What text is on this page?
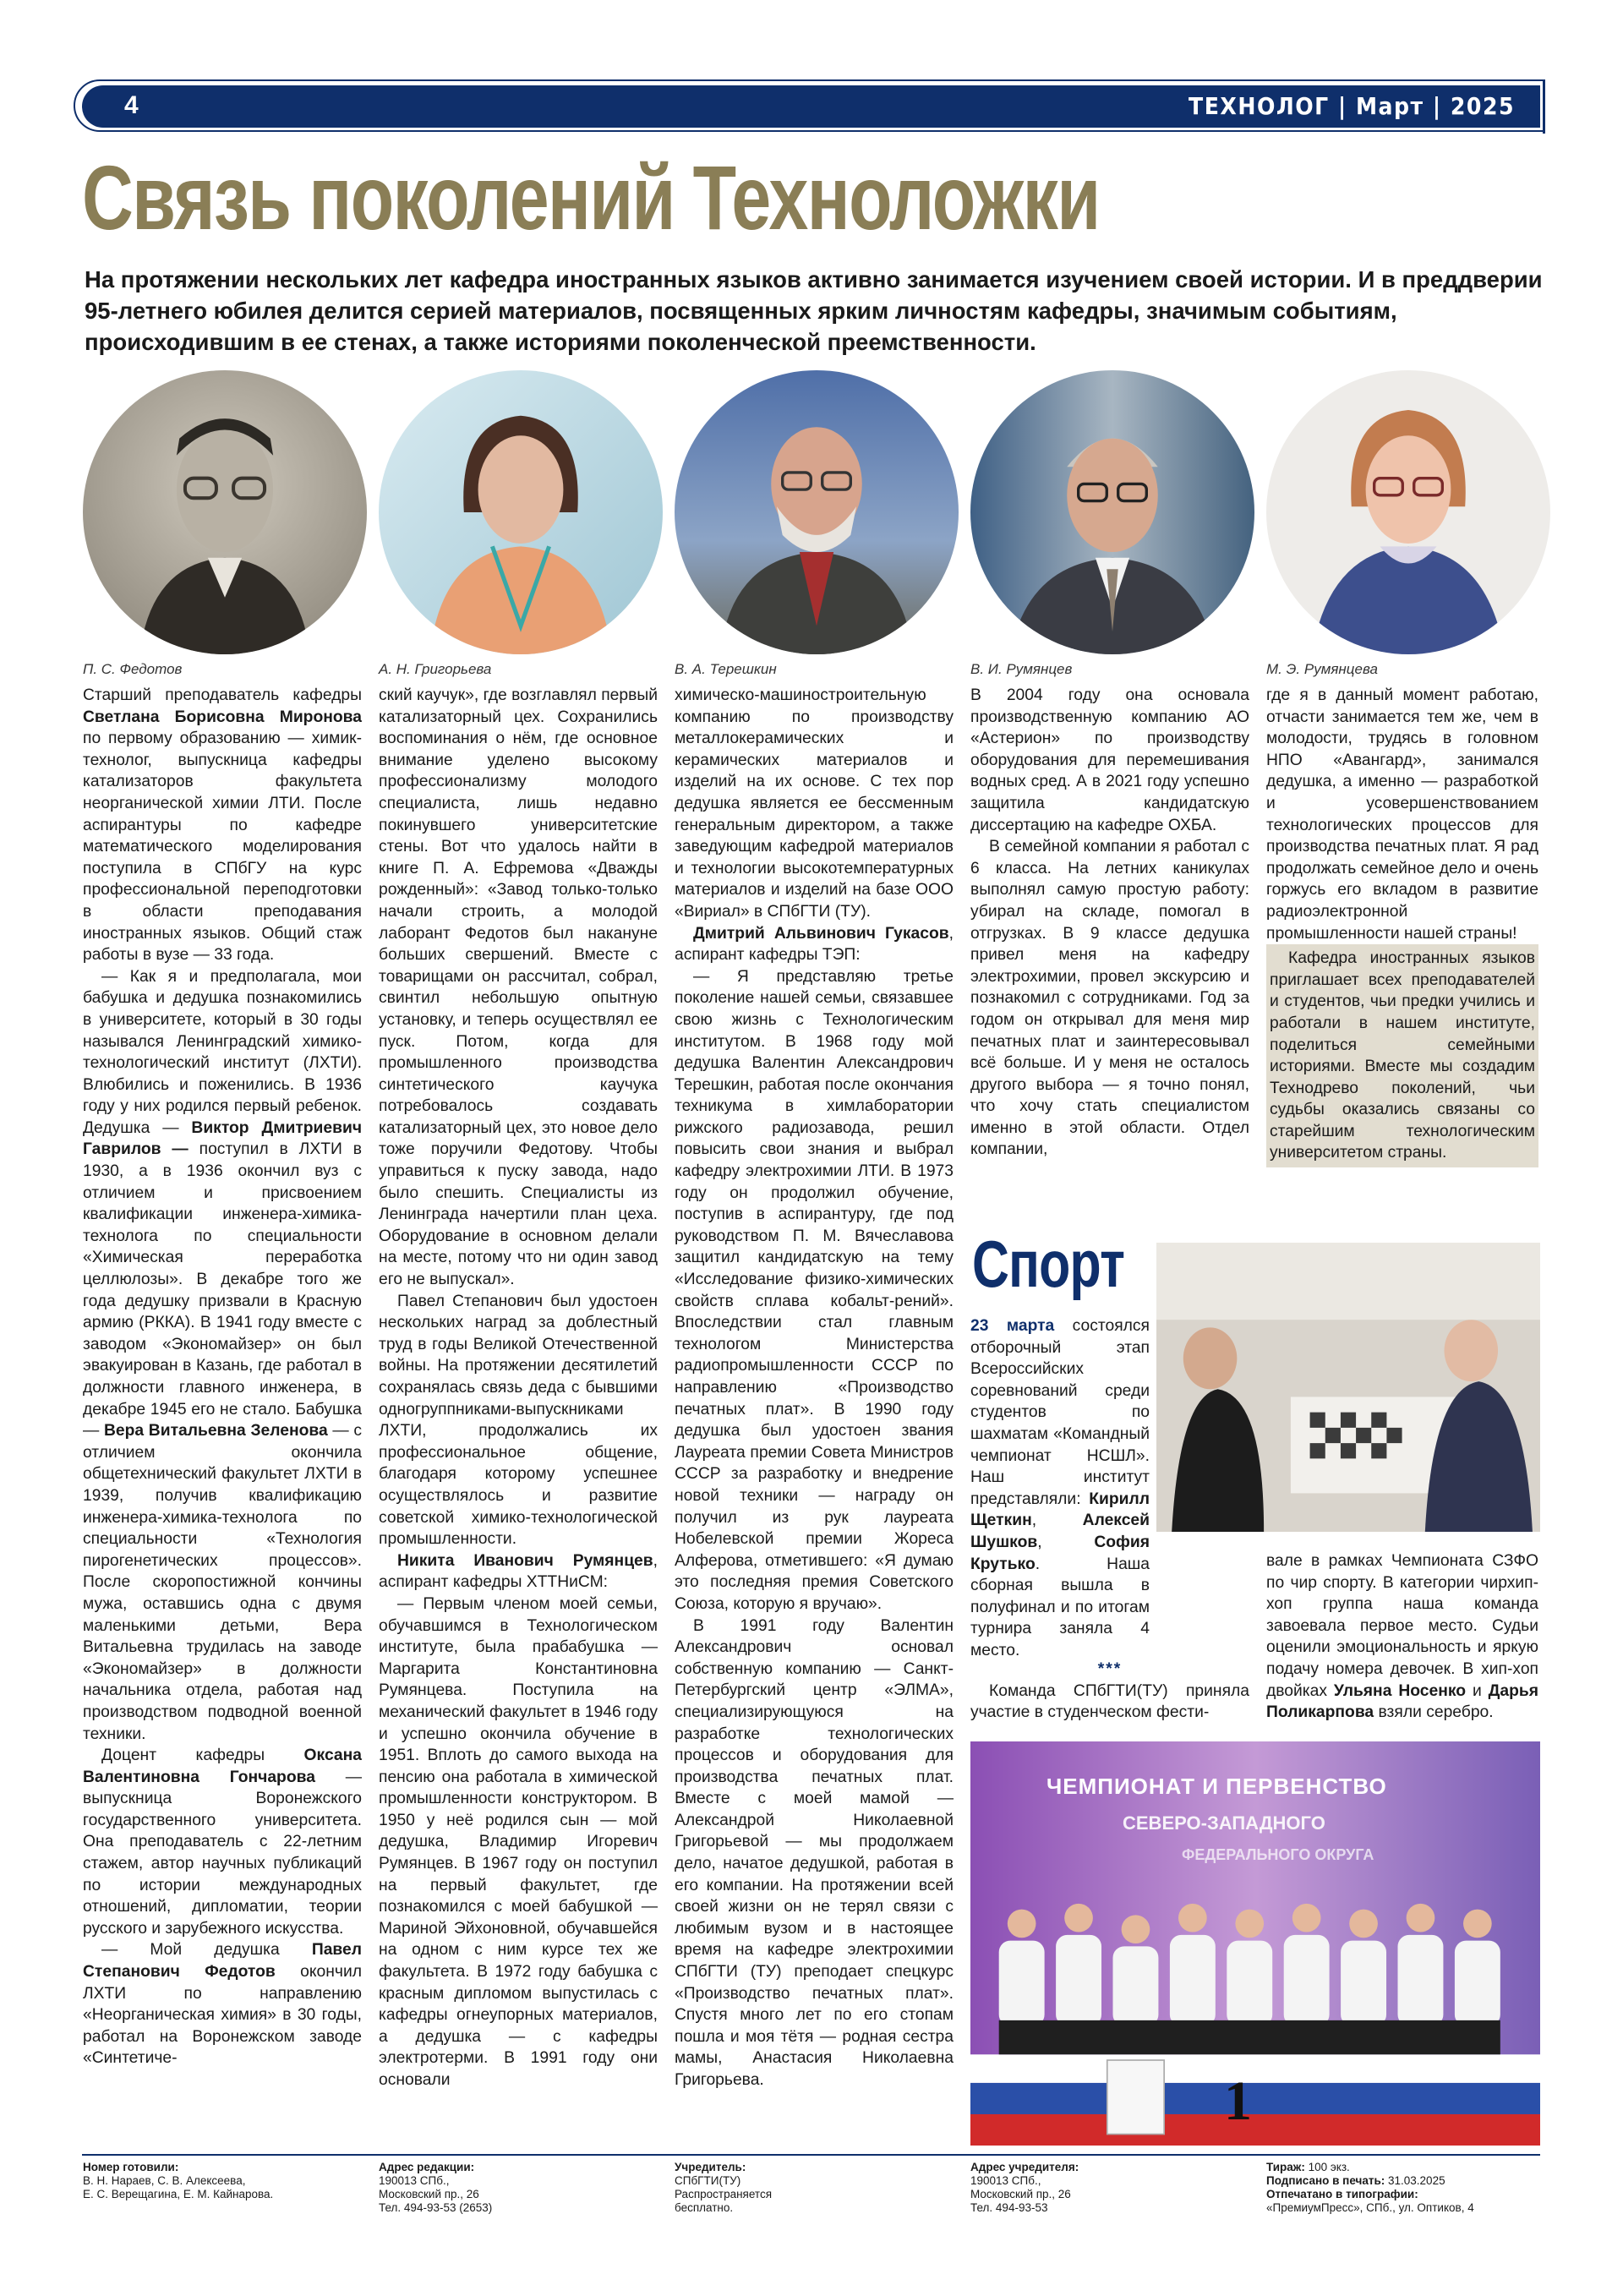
4	ТЕХНОЛОГ | Март | 2025
Связь поколений Техноложки
На протяжении нескольких лет кафедра иностранных языков активно занимается изучением своей истории. И в преддверии 95-летнего юбилея делится серией материалов, посвященных ярким личностям кафедры, значимым событиям, происходившим в ее стенах, а также историями поколенческой преемственности.
П. С. Федотов	А. Н. Григорьева	В. А. Терешкин	В. И. Румянцев	М. Э. Румянцева

Старший преподаватель кафедры Светлана Борисовна Миронова по первому образованию — химик-технолог, выпускница кафедры катализаторов факультета неорганической химии ЛТИ. После аспирантуры по кафедре математического моделирования поступила в СПбГУ на курс профессиональной переподготовки в области преподавания иностранных языков. Общий стаж работы в вузе — 33 года.

— Как я и предполагала, мои бабушка и дедушка познакомились в университете, который в 30 годы назывался Ленинградский химико-технологический институт (ЛХТИ). Влюбились и поженились. В 1936 году у них родился первый ребенок. Дедушка — Виктор Дмитриевич Гаврилов — поступил в ЛХТИ в 1930, а в 1936 окончил вуз с отличием и присвоением квалификации инженера-химика-технолога по специальности «Химическая переработка целлюлозы». В декабре того же года дедушку призвали в Красную армию (РККА). В 1941 году вместе с заводом «Экономайзер» он был эвакуирован в Казань, где работал в должности главного инженера, в декабре 1945 его не стало. Бабушка — Вера Витальевна Зеленова — с отличием окончила общетехнический факультет ЛХТИ в 1939, получив квалификацию инженера-химика-технолога по специальности «Технология пирогенетических процессов». После скоропостижной кончины мужа, оставшись одна с двумя маленькими детьми, Вера Витальевна трудилась на заводе «Экономайзер» в должности начальника отдела, работая над производством подводной военной техники.

Доцент кафедры Оксана Валентиновна Гончарова — выпускница Воронежского государственного университета. Она преподаватель с 22-летним стажем, автор научных публикаций по истории международных отношений, дипломатии, теории русского и зарубежного искусства.

— Мой дедушка Павел Степанович Федотов окончил ЛХТИ по направлению «Неорганическая химия» в 30 годы, работал на Воронежском заводе «Синтетиче-

ский каучук», где возглавлял первый катализаторный цех. Сохранились воспоминания о нём, где основное внимание уделено высокому профессионализму молодого специалиста, лишь недавно покинувшего университетские стены. Вот что удалось найти в книге П. А. Ефремова «Дважды рожденный»: «Завод только-только начали строить, а молодой лаборант Федотов был накануне больших свершений. Вместе с товарищами он рассчитал, собрал, свинтил небольшую опытную установку, и теперь осуществлял ее пуск. Потом, когда для промышленного производства синтетического каучука потребовалось создавать катализаторный цех, это новое дело тоже поручили Федотову. Чтобы управиться к пуску завода, надо было спешить. Специалисты из Ленинграда начертили план цеха. Оборудование в основном делали на месте, потому что ни один завод его не выпускал».

Павел Степанович был удостоен нескольких наград за доблестный труд в годы Великой Отечественной войны. На протяжении десятилетий сохранялась связь деда с бывшими одногруппниками-выпускниками ЛХТИ, продолжались их профессиональное общение, благодаря которому успешнее осуществлялось и развитие советской химико-технологической промышленности.

Никита Иванович Румянцев, аспирант кафедры ХТТНиСМ:

— Первым членом моей семьи, обучавшимся в Технологическом институте, была прабабушка — Маргарита Константиновна Румянцева. Поступила на механический факультет в 1946 году и успешно окончила обучение в 1951. Вплоть до самого выхода на пенсию она работала в химической промышленности конструктором. В 1950 у неё родился сын — мой дедушка, Владимир Игоревич Румянцев. В 1967 году он поступил на первый факультет, где познакомился с моей бабушкой — Мариной Эйхоновной, обучавшейся на одном с ним курсе тех же факультета. В 1972 году бабушка с красным дипломом выпустилась с кафедры огнеупорных материалов, а дедушка — с кафедры электротерми. В 1991 году они основали

химическо-машиностроительную компанию по производству металлокерамических и керамических материалов и изделий на их основе. С тех пор дедушка является ее бессменным генеральным директором, а также заведующим кафедрой материалов и технологии высокотемпературных материалов и изделий на базе ООО «Вириал» в СПбГТИ (ТУ).

Дмитрий Альвинович Гукасов, аспирант кафедры ТЭП:

— Я представляю третье поколение нашей семьи, связавшее свою жизнь с Технологическим институтом. В 1968 году мой дедушка Валентин Александрович Терешкин, работая после окончания техникума в химлаборатории рижского радиозавода, решил повысить свои знания и выбрал кафедру электрохимии ЛТИ. В 1973 году он продолжил обучение, поступив в аспирантуру, где под руководством П. М. Вячеславова защитил кандидатскую на тему «Исследование физико-химических свойств сплава кобальт-рений». Впоследствии стал главным технологом Министерства радиопромышленности СССР по направлению «Производство печатных плат». В 1990 году дедушка был удостоен звания Лауреата премии Совета Министров СССР за разработку и внедрение новой техники — награду он получил из рук лауреата Нобелевской премии Жореса Алферова, отметившего: «Я думаю это последняя премия Советского Союза, которую я вручаю».

В 1991 году Валентин Александрович основал собственную компанию — Санкт-Петербургский центр «ЭЛМА», специализирующуюся на разработке технологических процессов и оборудования для производства печатных плат. Вместе с моей мамой — Александрой Николаевной Григорьевой — мы продолжаем дело, начатое дедушкой, работая в его компании. На протяжении всей своей жизни он не терял связи с любимым вузом и в настоящее время на кафедре электрохимии СПбГТИ (ТУ) преподает спецкурс «Производство печатных плат». Спустя много лет по его стопам пошла и моя тётя — родная сестра мамы, Анастасия Николаевна Григорьева.

В 2004 году она основала производственную компанию АО «Астерион» по производству оборудования для перемешивания водных сред. А в 2021 году успешно защитила кандидатскую диссертацию на кафедре ОХБА.

В семейной компании я работал с 6 класса. На летних каникулах выполнял самую простую работу: убирал на складе, помогал в отгрузках. В 9 классе дедушка привел меня на кафедру электрохимии, провел экскурсию и познакомил с сотрудниками. Год за годом он открывал для меня мир печатных плат и заинтересовывал всё больше. И у меня не осталось другого выбора — я точно понял, что хочу стать специалистом именно в этой области. Отдел компании,

где я в данный момент работаю, отчасти занимается тем же, чем в молодости, трудясь в головном НПО «Авангард», занимался дедушка, а именно — разработкой и усовершенствованием технологических процессов для производства печатных плат. Я рад продолжать семейное дело и очень горжусь его вкладом в развитие радиоэлектронной промышленности нашей страны!

Кафедра иностранных языков приглашает всех преподавателей и студентов, чьи предки учились и работали в нашем институте, поделиться семейными историями. Вместе мы создадим Технодрево поколений, чьи судьбы оказались связаны со старейшим технологическим университетом страны.

Спорт
23 марта состоялся отборочный этап Всероссийских соревнований среди студентов по шахматам «Командный чемпионат НСШЛ». Наш институт представляли: Кирилл Щеткин, Алексей Шушков, София Крутько. Наша сборная вышла в полуфинал и по итогам турнира заняла 4 место.
***

Команда СПбГТИ(ТУ) приняла участие в студенческом фести-

вале в рамках Чемпионата СЗФО по чир спорту. В категории чирхип-хоп группа наша команда завоевала первое место. Судьи оценили эмоциональность и яркую подачу номера девочек. В хип-хоп двойках Ульяна Носенко и Дарья Поликарпова взяли серебро.
ЧЕМПИОНАТ И ПЕРВЕНСТВО
СЕВЕРО-ЗАПАДНОГО
ФЕДЕРАЛЬНОГО ОКРУГА
1
Номер готовили:
В. Н. Нараев, С. В. Алексеева,
Е. С. Верещагина, Е. М. Кайнарова.
Адрес редакции:
190013 СПб.,
Московский пр., 26
Тел. 494-93-53 (2653)
Учредитель:
СПбГТИ(ТУ)
Распространяется
бесплатно.
Адрес учредителя:
190013 СПб.,
Московский пр., 26
Тел. 494-93-53
Тираж: 100 экз.
Подписано в печать: 31.03.2025
Отпечатано в типографии:
«ПремиумПресс», СПб., ул. Оптиков, 4
